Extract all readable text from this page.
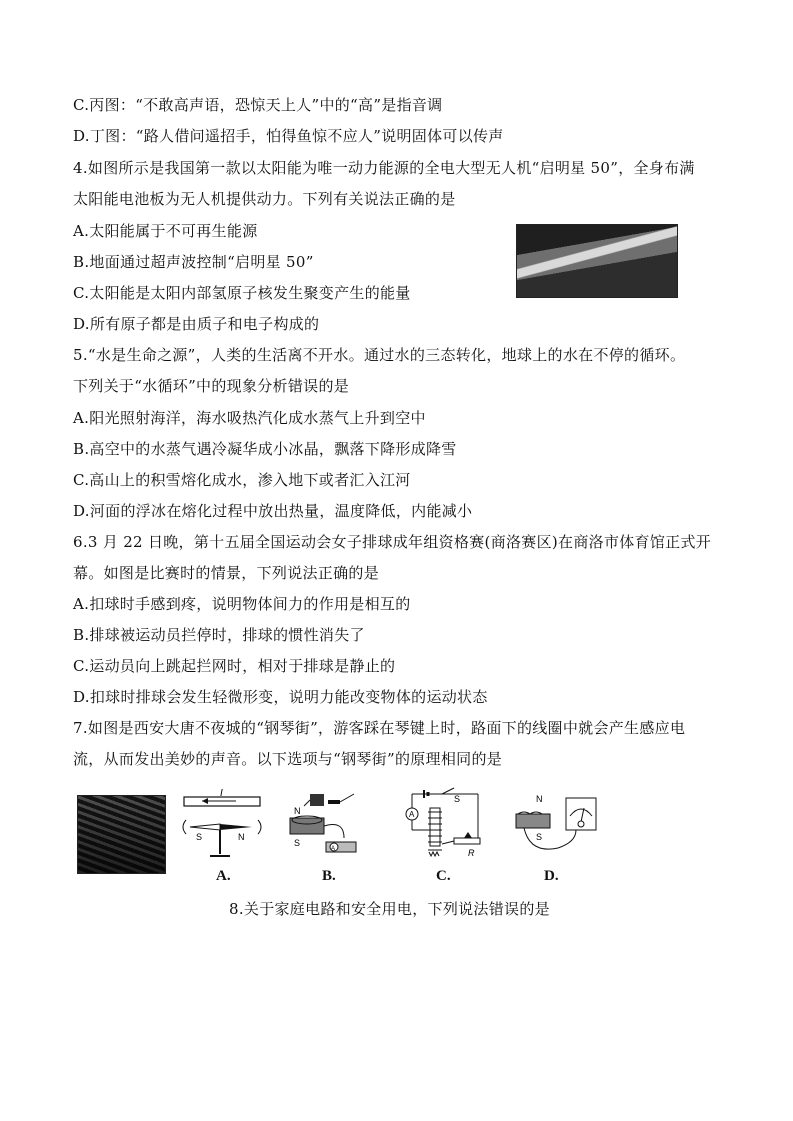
C.丙图：“不敢高声语，恐惊天上人”中的“高”是指音调
D.丁图：“路人借问遥招手，怕得鱼惊不应人”说明固体可以传声
4.如图所示是我国第一款以太阳能为唯一动力能源的全电大型无人机“启明星 50”，全身布满
太阳能电池板为无人机提供动力。下列有关说法正确的是
A.太阳能属于不可再生能源
B.地面通过超声波控制“启明星 50”
C.太阳能是太阳内部氢原子核发生聚变产生的能量
D.所有原子都是由质子和电子构成的
5.“水是生命之源”，人类的生活离不开水。通过水的三态转化，地球上的水在不停的循环。
下列关于“水循环”中的现象分析错误的是
A.阳光照射海洋，海水吸热汽化成水蒸气上升到空中
B.高空中的水蒸气遇冷凝华成小冰晶，飘落下降形成降雪
C.高山上的积雪熔化成水，渗入地下或者汇入江河
D.河面的浮冰在熔化过程中放出热量，温度降低，内能减小
6.3 月 22 日晚，第十五届全国运动会女子排球成年组资格赛(商洛赛区)在商洛市体育馆正式开
幕。如图是比赛时的情景，下列说法正确的是
A.扣球时手感到疼，说明物体间力的作用是相互的
B.排球被运动员拦停时，排球的惯性消失了
C.运动员向上跳起拦网时，相对于排球是静止的
D.扣球时排球会发生轻微形变，说明力能改变物体的运动状态
7.如图是西安大唐不夜城的“钢琴街”，游客踩在琴键上时，路面下的线圈中就会产生感应电
流，从而发出美妙的声音。以下选项与“钢琴街”的原理相同的是
8.关于家庭电路和安全用电，下列说法错误的是
I
S	N
N
S
A
S
A
R
N
S
A.	B.	C.	D.
